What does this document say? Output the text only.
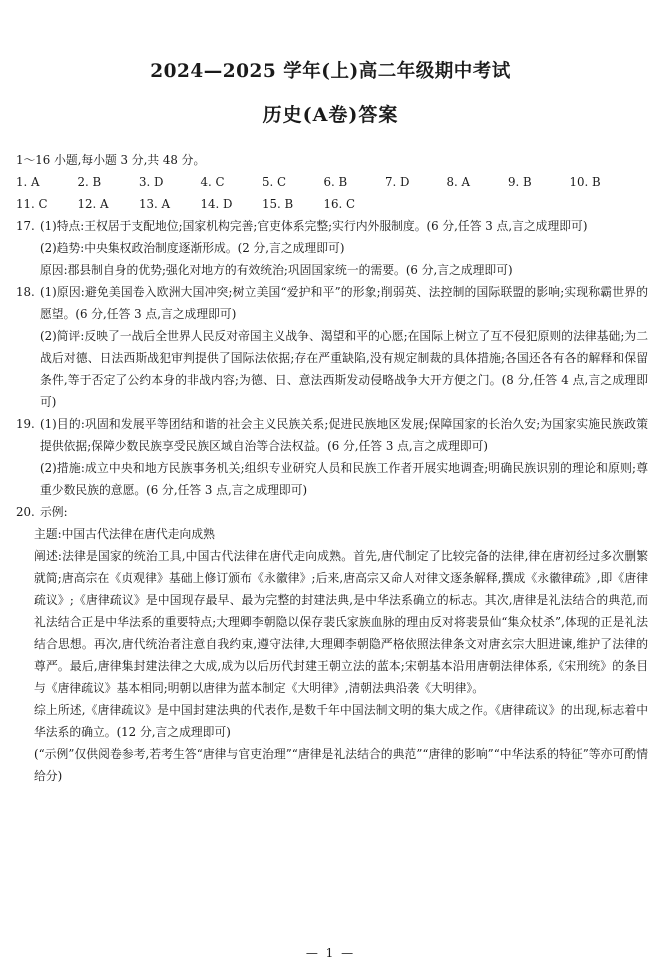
2024—2025 学年(上)高二年级期中考试
历史(A卷)答案
1～16 小题,每小题 3 分,共 48 分。
1. A	2. B	3. D	4. C	5. C	6. B	7. D	8. A	9. B	10. B
11. C	12. A	13. A	14. D	15. B	16. C
17. (1)特点:王权居于支配地位;国家机构完善;官吏体系完整;实行内外服制度。(6 分,任答 3 点,言之成理即可)
(2)趋势:中央集权政治制度逐渐形成。(2 分,言之成理即可)
原因:郡县制自身的优势;强化对地方的有效统治;巩固国家统一的需要。(6 分,言之成理即可)
18. (1)原因:避免美国卷入欧洲大国冲突;树立美国“爱护和平”的形象;削弱英、法控制的国际联盟的影响;实现称霸世界的愿望。(6 分,任答 3 点,言之成理即可)
(2)简评:反映了一战后全世界人民反对帝国主义战争、渴望和平的心愿;在国际上树立了互不侵犯原则的法律基础;为二战后对德、日法西斯战犯审判提供了国际法依据;存在严重缺陷,没有规定制裁的具体措施;各国还各有各的解释和保留条件,等于否定了公约本身的非战内容;为德、日、意法西斯发动侵略战争大开方便之门。(8 分,任答 4 点,言之成理即可)
19. (1)目的:巩固和发展平等团结和谐的社会主义民族关系;促进民族地区发展;保障国家的长治久安;为国家实施民族政策提供依据;保障少数民族享受民族区域自治等合法权益。(6 分,任答 3 点,言之成理即可)
(2)措施:成立中央和地方民族事务机关;组织专业研究人员和民族工作者开展实地调查;明确民族识别的理论和原则;尊重少数民族的意愿。(6 分,任答 3 点,言之成理即可)
20. 示例:
主题:中国古代法律在唐代走向成熟
阐述:法律是国家的统治工具,中国古代法律在唐代走向成熟。首先,唐代制定了比较完备的法律,律在唐初经过多次删繁就简;唐高宗在《贞观律》基础上修订颁布《永徽律》;后来,唐高宗又命人对律文逐条解释,撰成《永徽律疏》,即《唐律疏议》;《唐律疏议》是中国现存最早、最为完整的封建法典,是中华法系确立的标志。其次,唐律是礼法结合的典范,而礼法结合正是中华法系的重要特点;大理卿李朝隐以保存裴氏家族血脉的理由反对将裴景仙“集众杖杀”,体现的正是礼法结合思想。再次,唐代统治者注意自我约束,遵守法律,大理卿李朝隐严格依照法律条文对唐玄宗大胆进谏,维护了法律的尊严。最后,唐律集封建法律之大成,成为以后历代封建王朝立法的蓝本;宋朝基本沿用唐朝法律体系,《宋刑统》的条目与《唐律疏议》基本相同;明朝以唐律为蓝本制定《大明律》,清朝法典沿袭《大明律》。
综上所述,《唐律疏议》是中国封建法典的代表作,是数千年中国法制文明的集大成之作。《唐律疏议》的出现,标志着中华法系的确立。(12 分,言之成理即可)
(“示例”仅供阅卷参考,若考生答“唐律与官吏治理”“唐律是礼法结合的典范”“唐律的影响”“中华法系的特征”等亦可酌情给分)
— 1 —
